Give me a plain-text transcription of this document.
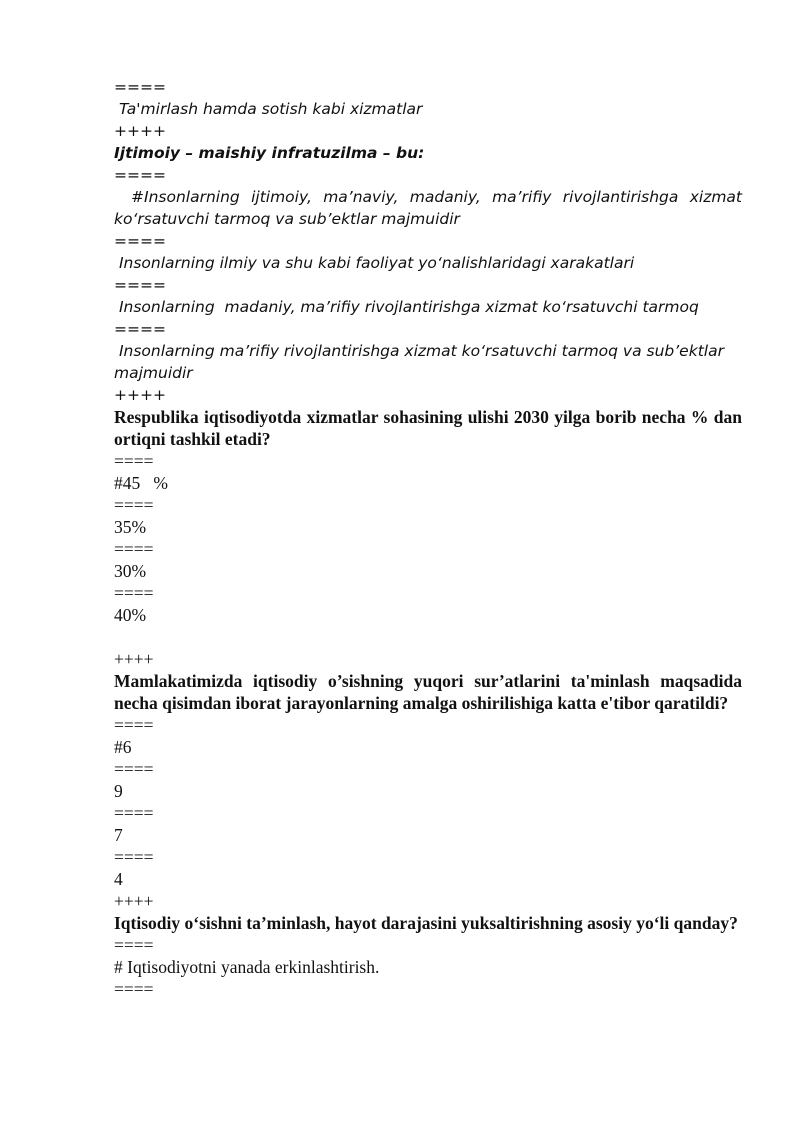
====

Ta'mirlash hamda sotish kabi xizmatlar

++++

Ijtimoiy – maishiy infratuzilma – bu:

====

#Insonlarning  ijtimoiy,  ma’naviy,  madaniy,  ma’rifiy  rivojlantirishga  xizmat ko‘rsatuvchi tarmoq va sub’ektlar majmuidir

====

Insonlarning ilmiy va shu kabi faoliyat yo‘nalishlaridagi xarakatlari

====

Insonlarning  madaniy, ma’rifiy rivojlantirishga xizmat ko‘rsatuvchi tarmoq

====

Insonlarning ma’rifiy rivojlantirishga xizmat ko‘rsatuvchi tarmoq va sub’ektlar majmuidir

++++

Respublika iqtisodiyotda xizmatlar sohasining ulishi 2030 yilga borib necha % dan ortiqni tashkil etadi?

====

#45   %

====

35%

====

30%

====

40%

++++

Mamlakatimizda iqtisodiy o’sishning yuqori sur’atlarini ta'minlash maqsadida necha qisimdan iborat jarayonlarning amalga oshirilishiga katta e'tibor qaratildi?

====

#6

====

9

====

7

====

4

++++

Iqtisodiy o‘sishni ta’minlash, hayot darajasini yuksaltirishning asosiy yo‘li qanday?

====

# Iqtisodiyotni yanada erkinlashtirish.

====
